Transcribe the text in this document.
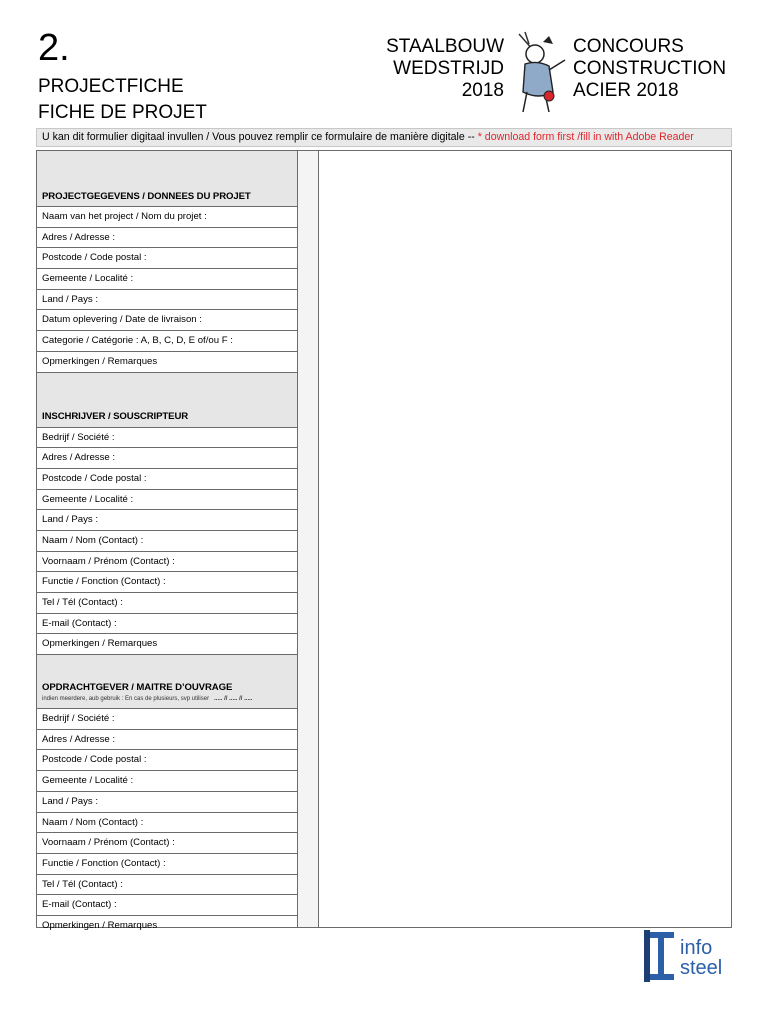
2.
PROJECTFICHE
FICHE DE PROJET
STAALBOUW
WEDSTRIJD
2018
CONCOURS
CONSTRUCTION
ACIER 2018
U kan dit formulier digitaal invullen / Vous pouvez remplir ce formulaire de manière digitale -- * download form first /fill in with Adobe Reader
PROJECTGEGEVENS / DONNEES DU PROJET
Naam van het project / Nom du projet :
Adres / Adresse :
Postcode / Code postal :
Gemeente / Localité :
Land / Pays :
Datum oplevering / Date de livraison :
Categorie / Catégorie : A, B, C, D, E of/ou F :
Opmerkingen / Remarques
INSCHRIJVER / SOUSCRIPTEUR
Bedrijf / Société :
Adres / Adresse :
Postcode / Code postal :
Gemeente / Localité :
Land / Pays :
Naam / Nom (Contact) :
Voornaam / Prénom (Contact) :
Functie / Fonction (Contact) :
Tel / Tél (Contact) :
E-mail (Contact) :
Opmerkingen / Remarques
OPDRACHTGEVER / MAITRE D’OUVRAGE
indien meerdere, aub gebruik : En cas de plusieurs, svp utiliser ..... // ..... // .....
Bedrijf / Société :
Adres / Adresse :
Postcode / Code postal :
Gemeente / Localité :
Land / Pays :
Naam / Nom (Contact) :
Voornaam / Prénom (Contact) :
Functie / Fonction (Contact) :
Tel / Tél (Contact) :
E-mail (Contact) :
Opmerkingen / Remarques
info
steel
